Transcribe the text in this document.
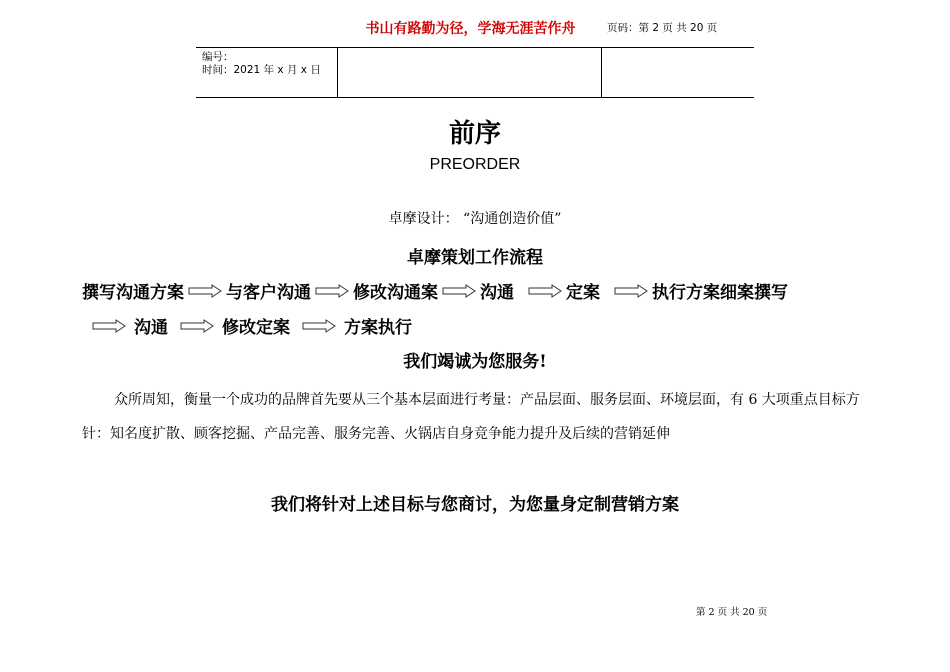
编号：
时间：2021 年 x 月 x 日
书山有路勤为径，学海无涯苦作舟	页码：第 2 页 共 20 页
前序
PREORDER
卓摩设计： “沟通创造价值”
卓摩策划工作流程
撰写沟通方案 与客户沟通 修改沟通案 沟通	定案	执行方案细案撰写
沟通	修改定案	方案执行
我们竭诚为您服务!
众所周知，衡量一个成功的品牌首先要从三个基本层面进行考量：产品层面、服务层面、环境层面，有 6 大项重点目标方针：知名度扩散、顾客挖掘、产品完善、服务完善、火锅店自身竞争能力提升及后续的营销延伸
我们将针对上述目标与您商讨，为您量身定制营销方案
第 2 页 共 20 页
